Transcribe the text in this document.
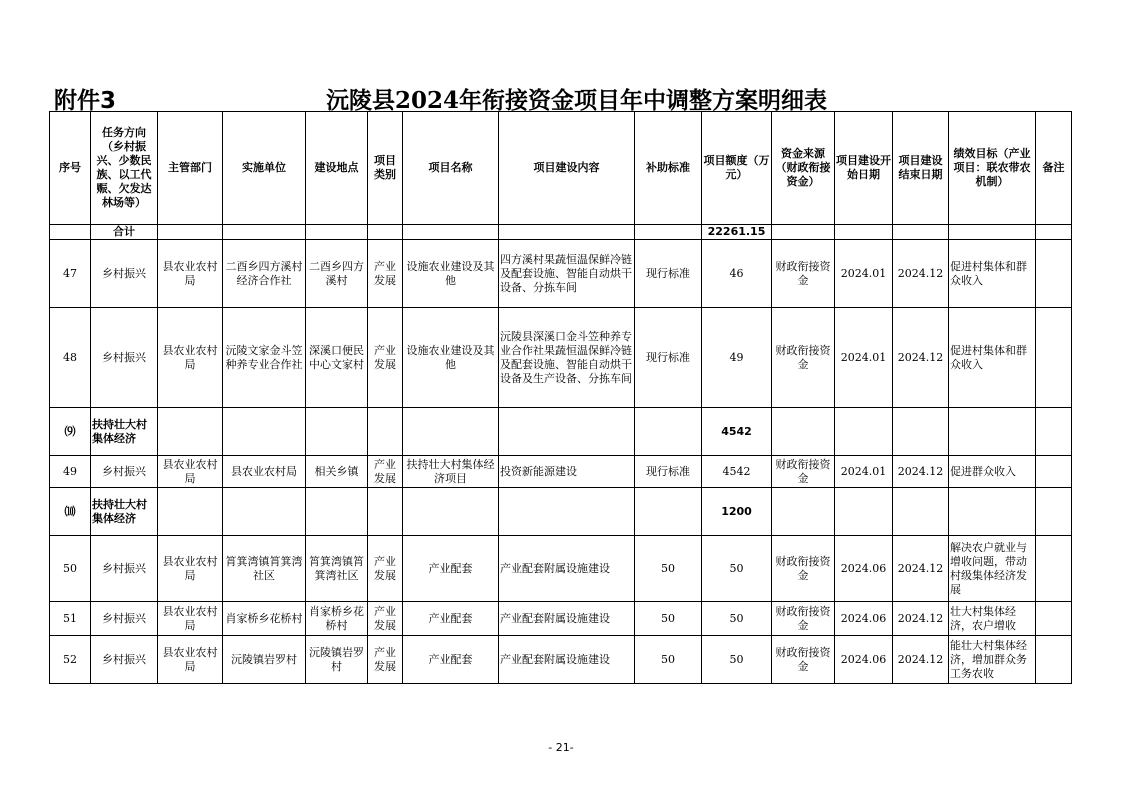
附件3	沅陵县2024年衔接资金项目年中调整方案明细表
序号	任务方向（乡村振兴、少数民族、以工代赈、欠发达林场等）	主管部门	实施单位	建设地点	项目类别	项目名称	项目建设内容	补助标准	项目额度（万元）	资金来源（财政衔接资金）	项目建设开始日期	项目建设结束日期	绩效目标（产业项目：联农带农机制）	备注
	合计								22261.15					
47	乡村振兴	县农业农村局	二酉乡四方溪村经济合作社	二酉乡四方溪村	产业发展	设施农业建设及其他	四方溪村果蔬恒温保鲜冷链及配套设施、智能自动烘干设备、分拣车间	现行标准	46	财政衔接资金	2024.01	2024.12	促进村集体和群众收入	
48	乡村振兴	县农业农村局	沅陵文家金斗笠种养专业合作社	深溪口便民中心文家村	产业发展	设施农业建设及其他	沅陵县深溪口金斗笠种养专业合作社果蔬恒温保鲜冷链及配套设施、智能自动烘干设备及生产设备、分拣车间	现行标准	49	财政衔接资金	2024.01	2024.12	促进村集体和群众收入	
⑼	扶持壮大村集体经济								4542					
49	乡村振兴	县农业农村局	县农业农村局	相关乡镇	产业发展	扶持壮大村集体经济项目	投资新能源建设	现行标准	4542	财政衔接资金	2024.01	2024.12	促进群众收入	
⑽	扶持壮大村集体经济								1200					
50	乡村振兴	县农业农村局	筲箕湾镇筲箕湾社区	筲箕湾镇筲箕湾社区	产业发展	产业配套	产业配套附属设施建设	50	50	财政衔接资金	2024.06	2024.12	解决农户就业与增收问题，带动村级集体经济发展	
51	乡村振兴	县农业农村局	肖家桥乡花桥村	肖家桥乡花桥村	产业发展	产业配套	产业配套附属设施建设	50	50	财政衔接资金	2024.06	2024.12	壮大村集体经济，农户增收	
52	乡村振兴	县农业农村局	沅陵镇岩罗村	沅陵镇岩罗村	产业发展	产业配套	产业配套附属设施建设	50	50	财政衔接资金	2024.06	2024.12	能壮大村集体经济，增加群众务工务农收	
- 21-
